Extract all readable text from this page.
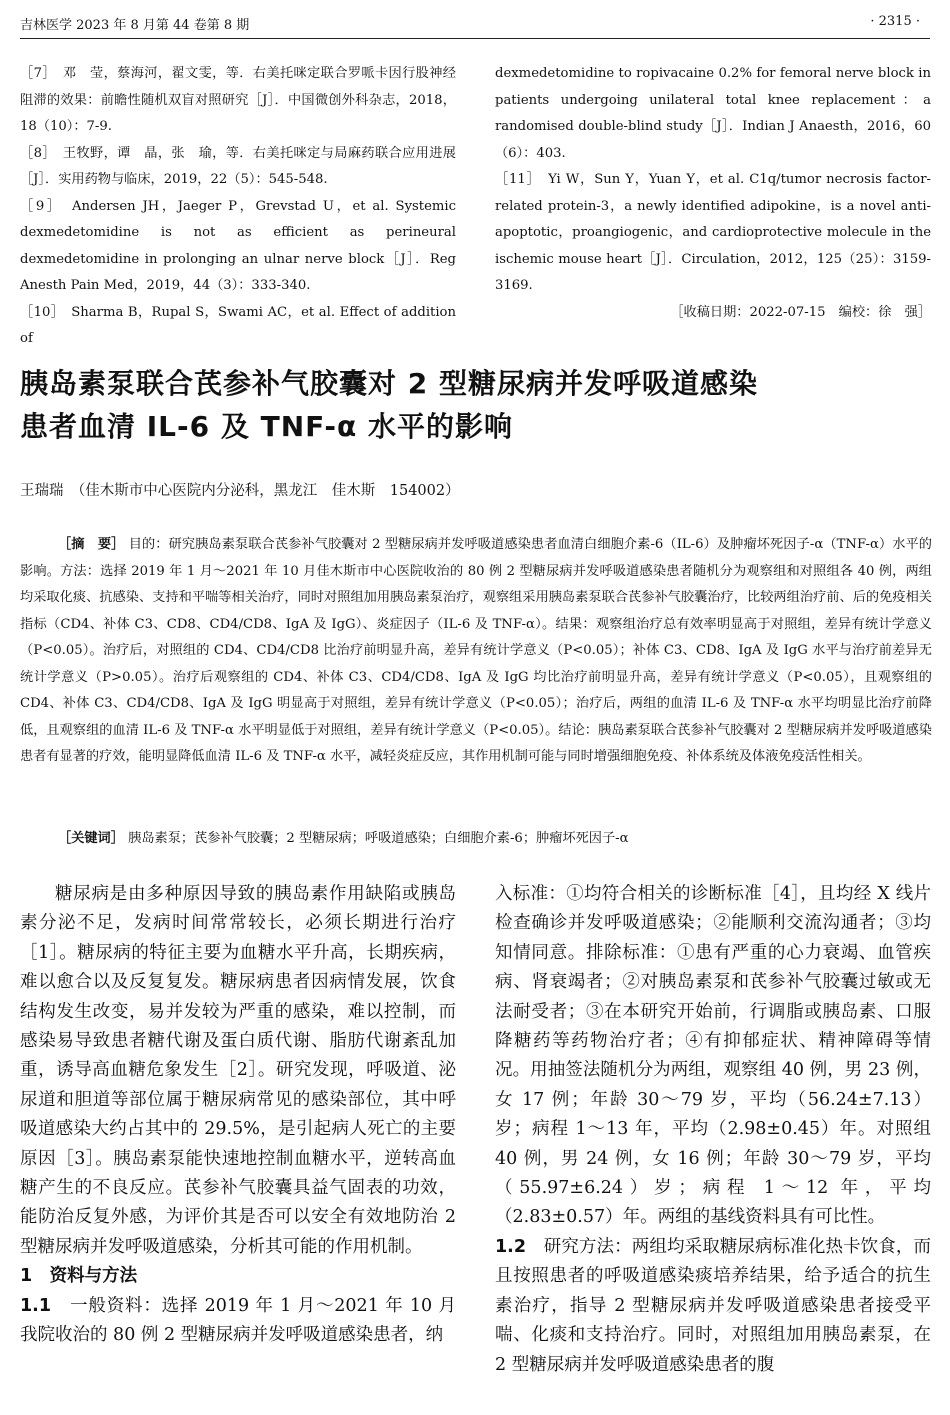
吉林医学 2023 年 8 月第 44 卷第 8 期	· 2315 ·

［7］　邓　莹，蔡海河，翟文雯，等．右美托咪定联合罗哌卡因行股神经阻滞的效果：前瞻性随机双盲对照研究［J］．中国微创外科杂志，2018，18（10）：7-9.

［8］　王牧野，谭　晶，张　瑜，等．右美托咪定与局麻药联合应用进展［J］．实用药物与临床，2019，22（5）：545-548.

［9］　Andersen JH，Jaeger P，Grevstad U，et al. Systemic dexmedetomidine is not as efficient as perineural dexmedetomidine in prolonging an ulnar nerve block［J］．Reg Anesth Pain Med，2019，44（3）：333-340.

［10］　Sharma B，Rupal S，Swami AC，et al. Effect of addition of

dexmedetomidine to ropivacaine 0.2% for femoral nerve block in patients undergoing unilateral total knee replacement：a randomised double-blind study［J］．Indian J Anaesth，2016，60（6）：403.

［11］　Yi W，Sun Y，Yuan Y，et al. C1q/tumor necrosis factor-related protein-3，a newly identified adipokine，is a novel anti-apoptotic，proangiogenic，and cardioprotective molecule in the ischemic mouse heart［J］．Circulation，2012，125（25）：3159-3169.

［收稿日期：2022-07-15　编校：徐　强］
胰岛素泵联合芪参补气胶囊对 2 型糖尿病并发呼吸道感染
患者血清 IL-6 及 TNF-α 水平的影响
王瑞瑞　（佳木斯市中心医院内分泌科，黑龙江　佳木斯　154002）

［摘　要］ 目的：研究胰岛素泵联合芪参补气胶囊对 2 型糖尿病并发呼吸道感染患者血清白细胞介素-6（IL-6）及肿瘤坏死因子-α（TNF-α）水平的影响。方法：选择 2019 年 1 月～2021 年 10 月佳木斯市中心医院收治的 80 例 2 型糖尿病并发呼吸道感染患者随机分为观察组和对照组各 40 例，两组均采取化痰、抗感染、支持和平喘等相关治疗，同时对照组加用胰岛素泵治疗，观察组采用胰岛素泵联合芪参补气胶囊治疗，比较两组治疗前、后的免疫相关指标（CD4、补体 C3、CD8、CD4/CD8、IgA 及 IgG）、炎症因子（IL-6 及 TNF-α）。结果：观察组治疗总有效率明显高于对照组，差异有统计学意义（P<0.05）。治疗后，对照组的 CD4、CD4/CD8 比治疗前明显升高，差异有统计学意义（P<0.05）；补体 C3、CD8、IgA 及 IgG 水平与治疗前差异无统计学意义（P>0.05）。治疗后观察组的 CD4、补体 C3、CD4/CD8、IgA 及 IgG 均比治疗前明显升高，差异有统计学意义（P<0.05），且观察组的 CD4、补体 C3、CD4/CD8、IgA 及 IgG 明显高于对照组，差异有统计学意义（P<0.05）；治疗后，两组的血清 IL-6 及 TNF-α 水平均明显比治疗前降低，且观察组的血清 IL-6 及 TNF-α 水平明显低于对照组，差异有统计学意义（P<0.05）。结论：胰岛素泵联合芪参补气胶囊对 2 型糖尿病并发呼吸道感染患者有显著的疗效，能明显降低血清 IL-6 及 TNF-α 水平，减轻炎症反应，其作用机制可能与同时增强细胞免疫、补体系统及体液免疫活性相关。

［关键词］ 胰岛素泵；芪参补气胶囊；2 型糖尿病；呼吸道感染；白细胞介素-6；肿瘤坏死因子-α

糖尿病是由多种原因导致的胰岛素作用缺陷或胰岛素分泌不足，发病时间常常较长，必须长期进行治疗［1］。糖尿病的特征主要为血糖水平升高，长期疾病，难以愈合以及反复复发。糖尿病患者因病情发展，饮食结构发生改变，易并发较为严重的感染，难以控制，而感染易导致患者糖代谢及蛋白质代谢、脂肪代谢紊乱加重，诱导高血糖危象发生［2］。研究发现，呼吸道、泌尿道和胆道等部位属于糖尿病常见的感染部位，其中呼吸道感染大约占其中的 29.5%，是引起病人死亡的主要原因［3］。胰岛素泵能快速地控制血糖水平，逆转高血糖产生的不良反应。芪参补气胶囊具益气固表的功效，能防治反复外感，为评价其是否可以安全有效地防治 2 型糖尿病并发呼吸道感染，分析其可能的作用机制。

1　资料与方法

1.1　 一般资料：选择 2019 年 1 月～2021 年 10 月我院收治的 80 例 2 型糖尿病并发呼吸道感染患者，纳

入标准：①均符合相关的诊断标准［4］，且均经 X 线片检查确诊并发呼吸道感染；②能顺利交流沟通者；③均知情同意。排除标准：①患有严重的心力衰竭、血管疾病、肾衰竭者；②对胰岛素泵和芪参补气胶囊过敏或无法耐受者；③在本研究开始前，行调脂或胰岛素、口服降糖药等药物治疗者；④有抑郁症状、精神障碍等情况。用抽签法随机分为两组，观察组 40 例，男 23 例，女 17 例；年龄 30～79 岁，平均（56.24±7.13）岁；病程 1～13 年，平均（2.98±0.45）年。对照组 40 例，男 24 例，女 16 例；年龄 30～79 岁，平均（55.97±6.24）岁；病程 1～12 年，平均（2.83±0.57）年。两组的基线资料具有可比性。

1.2　 研究方法：两组均采取糖尿病标准化热卡饮食，而且按照患者的呼吸道感染痰培养结果，给予适合的抗生素治疗，指导 2 型糖尿病并发呼吸道感染患者接受平喘、化痰和支持治疗。同时，对照组加用胰岛素泵，在 2 型糖尿病并发呼吸道感染患者的腹
